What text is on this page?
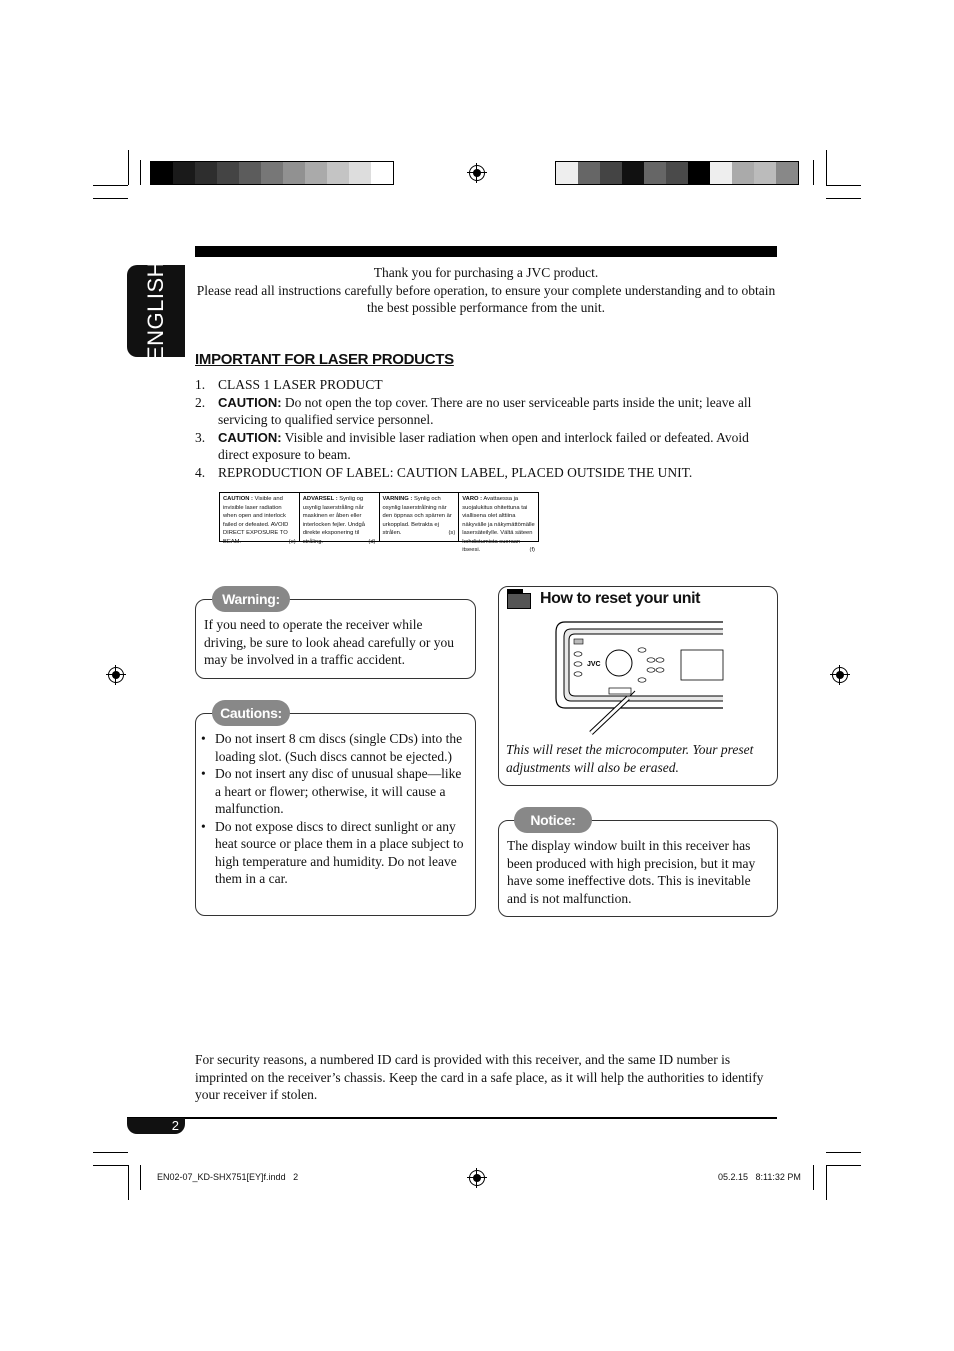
ENGLISH	Thank you for purchasing a JVC product.
Please read all instructions carefully before operation, to ensure your complete understanding and to obtain the best possible performance from the unit.
IMPORTANT FOR LASER PRODUCTS
1. CLASS 1 LASER PRODUCT
2. CAUTION: Do not open the top cover. There are no user serviceable parts inside the unit; leave all servicing to qualified service personnel.
3. CAUTION: Visible and invisible laser radiation when open and interlock failed or defeated. Avoid direct exposure to beam.
4. REPRODUCTION OF LABEL: CAUTION LABEL, PLACED OUTSIDE THE UNIT.
CAUTION : Visible and invisible laser radiation when open and interlock failed or defeated. AVOID DIRECT EXPOSURE TO BEAM.	(e)
ADVARSEL : Synlig og usynlig laserstråling når maskinen er åben eller interlocken fejler. Undgå direkte eksponering til stråling.	(d)
VARNING : Synlig och osynlig laserstrålning när den öppnas och spärren är urkopplad. Betrakta ej strålen.	(s)
VARO : Avattaessa ja suojalukitus ohitettuna tai viallisena olet alttiina näkyvälle ja näkymättömälle lasersäteilylle. Vältä säteen kohdistumista suoraan itseesi.	(f)
Warning:
If you need to operate the receiver while driving, be sure to look ahead carefully or you may be involved in a traffic accident.
Cautions:
• Do not insert 8 cm discs (single CDs) into the loading slot. (Such discs cannot be ejected.)
• Do not insert any disc of unusual shape—like a heart or flower; otherwise, it will cause a malfunction.
• Do not expose discs to direct sunlight or any heat source or place them in a place subject to high temperature and humidity. Do not leave them in a car.
How to reset your unit
JVC
This will reset the microcomputer. Your preset adjustments will also be erased.
Notice:
The display window built in this receiver has been produced with high precision, but it may have some ineffective dots. This is inevitable and is not malfunction.
For security reasons, a numbered ID card is provided with this receiver, and the same ID number is imprinted on the receiver’s chassis. Keep the card in a safe place, as it will help the authorities to identify your receiver if stolen.
2
EN02-07_KD-SHX751[EY]f.indd   2	05.2.15   8:11:32 PM
